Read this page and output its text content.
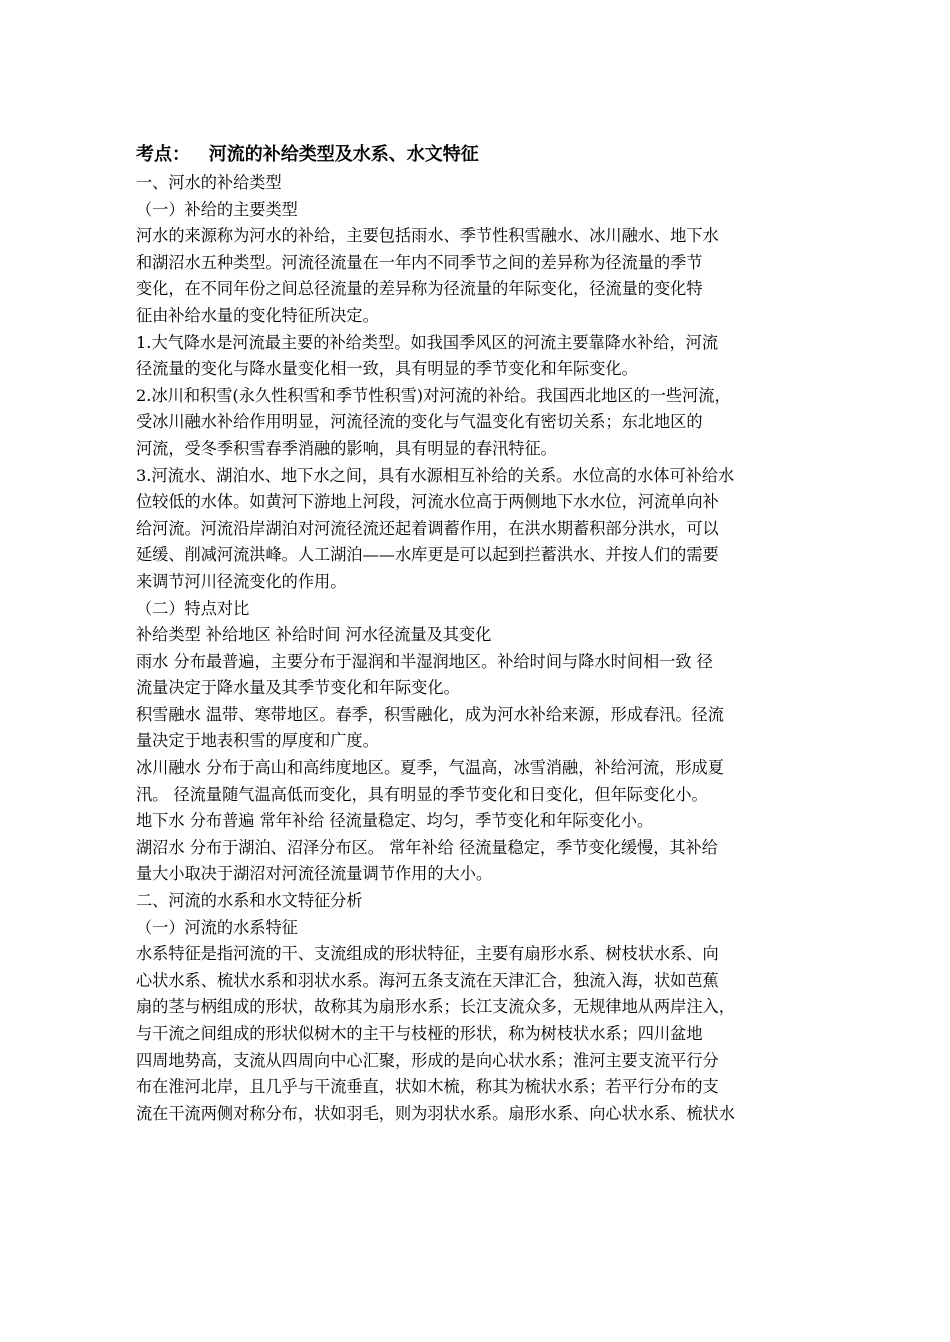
考点：   河流的补给类型及水系、水文特征
一、河水的补给类型
（一）补给的主要类型
河水的来源称为河水的补给，主要包括雨水、季节性积雪融水、冰川融水、地下水
和湖沼水五种类型。河流径流量在一年内不同季节之间的差异称为径流量的季节
变化，在不同年份之间总径流量的差异称为径流量的年际变化，径流量的变化特
征由补给水量的变化特征所决定。
1.大气降水是河流最主要的补给类型。如我国季风区的河流主要靠降水补给，河流
径流量的变化与降水量变化相一致，具有明显的季节变化和年际变化。
2.冰川和积雪(永久性积雪和季节性积雪)对河流的补给。我国西北地区的一些河流，
受冰川融水补给作用明显，河流径流的变化与气温变化有密切关系；东北地区的
河流，受冬季积雪春季消融的影响，具有明显的春汛特征。
3.河流水、湖泊水、地下水之间，具有水源相互补给的关系。水位高的水体可补给水
位较低的水体。如黄河下游地上河段，河流水位高于两侧地下水水位，河流单向补
给河流。河流沿岸湖泊对河流径流还起着调蓄作用，在洪水期蓄积部分洪水，可以
延缓、削减河流洪峰。人工湖泊——水库更是可以起到拦蓄洪水、并按人们的需要
来调节河川径流变化的作用。
（二）特点对比
补给类型 补给地区 补给时间 河水径流量及其变化
雨水 分布最普遍，主要分布于湿润和半湿润地区。补给时间与降水时间相一致 径
流量决定于降水量及其季节变化和年际变化。
积雪融水 温带、寒带地区。春季，积雪融化，成为河水补给来源，形成春汛。径流
量决定于地表积雪的厚度和广度。
冰川融水 分布于高山和高纬度地区。夏季，气温高，冰雪消融，补给河流，形成夏
汛。 径流量随气温高低而变化，具有明显的季节变化和日变化，但年际变化小。
地下水 分布普遍 常年补给 径流量稳定、均匀，季节变化和年际变化小。
湖沼水 分布于湖泊、沼泽分布区。 常年补给 径流量稳定，季节变化缓慢，其补给
量大小取决于湖沼对河流径流量调节作用的大小。
二、河流的水系和水文特征分析
（一）河流的水系特征
水系特征是指河流的干、支流组成的形状特征，主要有扇形水系、树枝状水系、向
心状水系、梳状水系和羽状水系。海河五条支流在天津汇合，独流入海，状如芭蕉
扇的茎与柄组成的形状，故称其为扇形水系；长江支流众多，无规律地从两岸注入，
与干流之间组成的形状似树木的主干与枝桠的形状，称为树枝状水系；四川盆地
四周地势高，支流从四周向中心汇聚，形成的是向心状水系；淮河主要支流平行分
布在淮河北岸，且几乎与干流垂直，状如木梳，称其为梳状水系；若平行分布的支
流在干流两侧对称分布，状如羽毛，则为羽状水系。扇形水系、向心状水系、梳状水
